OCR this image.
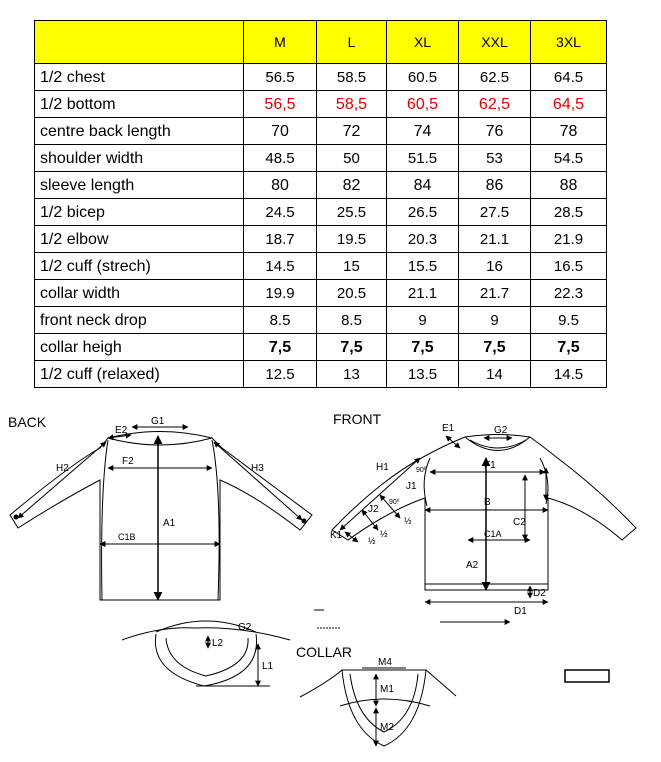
	M	L	XL	XXL	3XL
1/2 chest	56.5	58.5	60.5	62.5	64.5
1/2 bottom	56,5	58,5	60,5	62,5	64,5
centre back length	70	72	74	76	78
shoulder width	48.5	50	51.5	53	54.5
sleeve length	80	82	84	86	88
1/2 bicep	24.5	25.5	26.5	27.5	28.5
1/2 elbow	18.7	19.5	20.3	21.1	21.9
1/2 cuff (strech)	14.5	15	15.5	16	16.5
collar width	19.9	20.5	21.1	21.7	22.3
front neck drop	8.5	8.5	9	9	9.5
collar heigh	7,5	7,5	7,5	7,5	7,5
1/2 cuff (relaxed)	12.5	13	13.5	14	14.5
BACK	G1
E2
H2
F2
H3
A1
C1B
FRONT
E1	G2
H1	90º
J1
F1
I
90º
J2
B
½	C2
½
K1	C1A
½
A2
D2
D1
G2
L2
L1
COLLAR
M4
M1
M2
